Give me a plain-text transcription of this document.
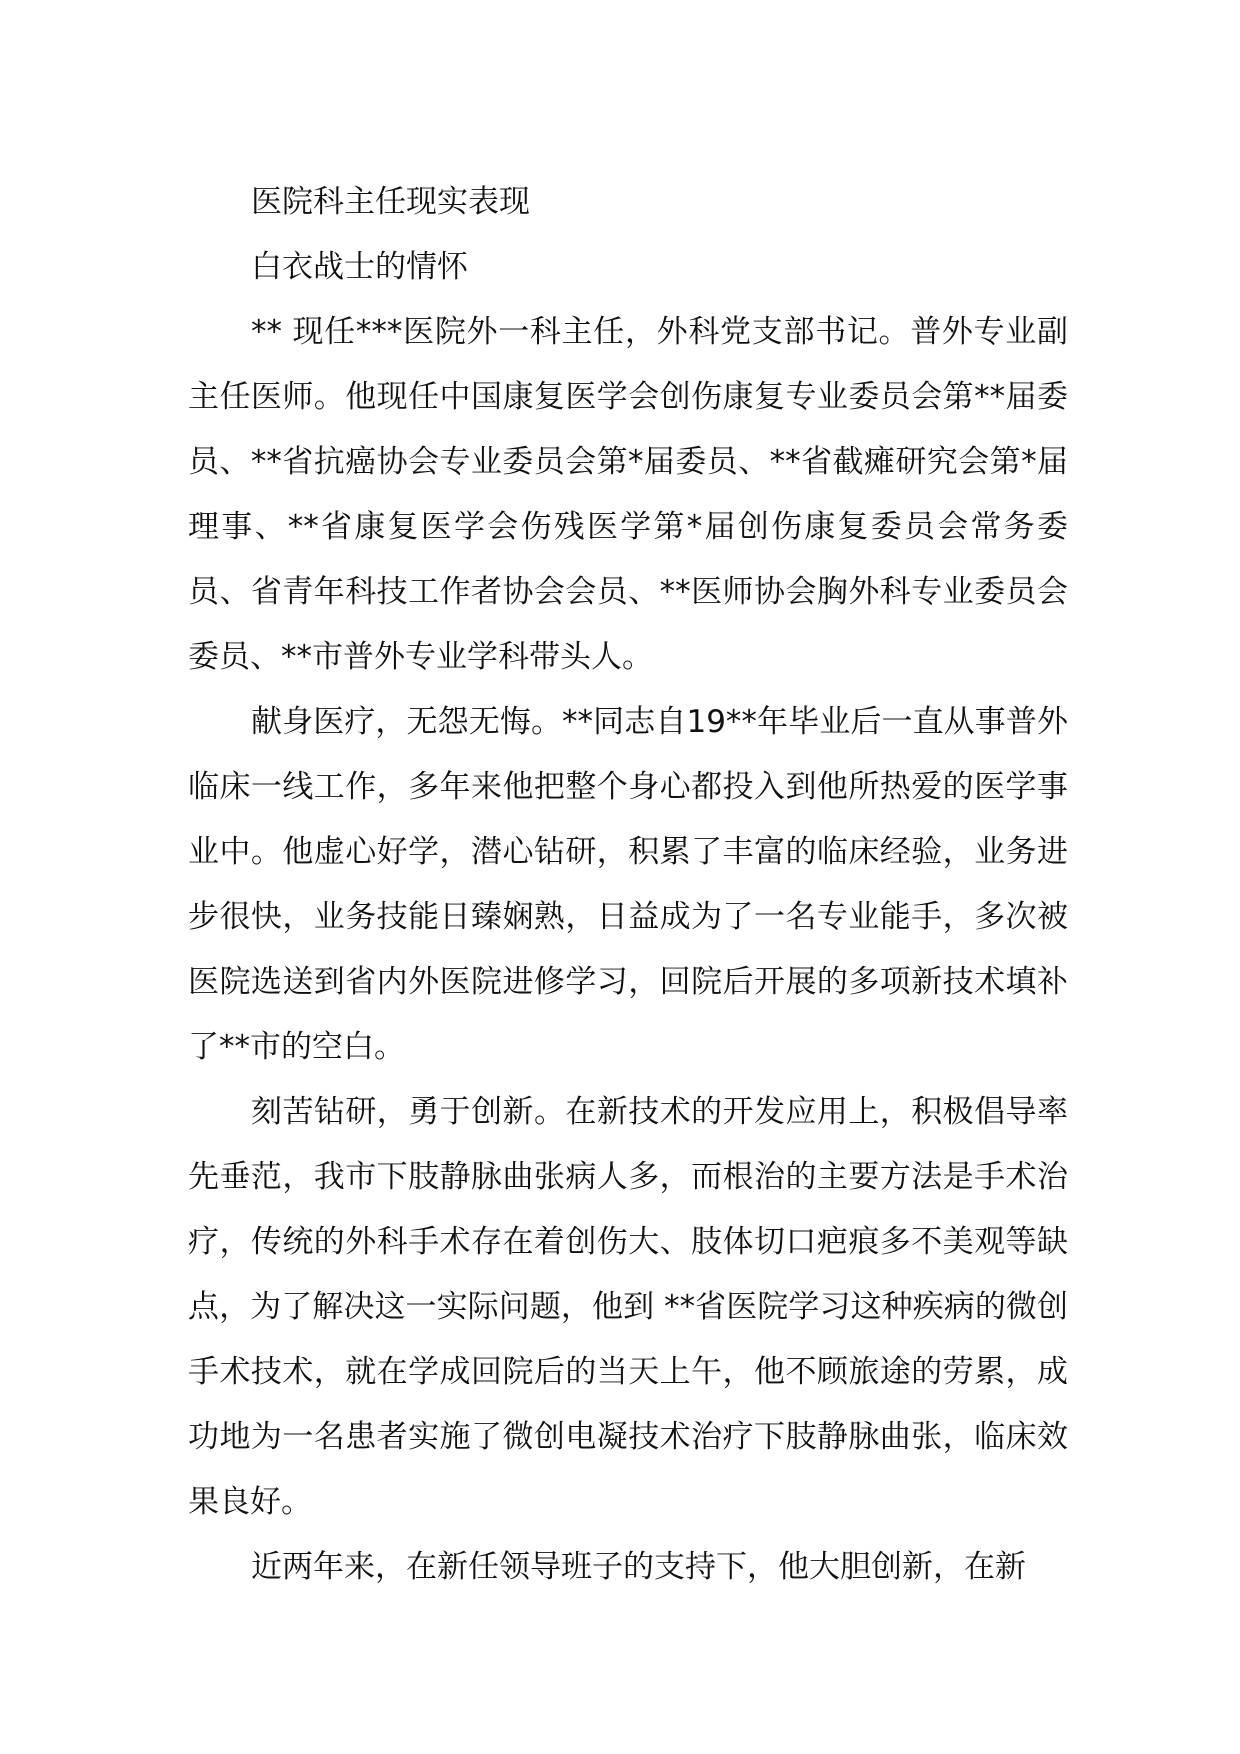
医院科主任现实表现

白衣战士的情怀

** 现任***医院外一科主任，外科党支部书记。普外专业副主任医师。他现任中国康复医学会创伤康复专业委员会第**届委员、**省抗癌协会专业委员会第*届委员、**省截瘫研究会第*届理事、**省康复医学会伤残医学第*届创伤康复委员会常务委员、省青年科技工作者协会会员、**医师协会胸外科专业委员会委员、**市普外专业学科带头人。

献身医疗，无怨无悔。**同志自19**年毕业后一直从事普外临床一线工作，多年来他把整个身心都投入到他所热爱的医学事业中。他虚心好学，潜心钻研，积累了丰富的临床经验，业务进步很快，业务技能日臻娴熟，日益成为了一名专业能手，多次被医院选送到省内外医院进修学习，回院后开展的多项新技术填补了**市的空白。

刻苦钻研，勇于创新。在新技术的开发应用上，积极倡导率先垂范，我市下肢静脉曲张病人多，而根治的主要方法是手术治疗，传统的外科手术存在着创伤大、肢体切口疤痕多不美观等缺点，为了解决这一实际问题，他到 **省医院学习这种疾病的微创手术技术，就在学成回院后的当天上午，他不顾旅途的劳累，成功地为一名患者实施了微创电凝技术治疗下肢静脉曲张，临床效果良好。

近两年来，在新任领导班子的支持下，他大胆创新，在新
